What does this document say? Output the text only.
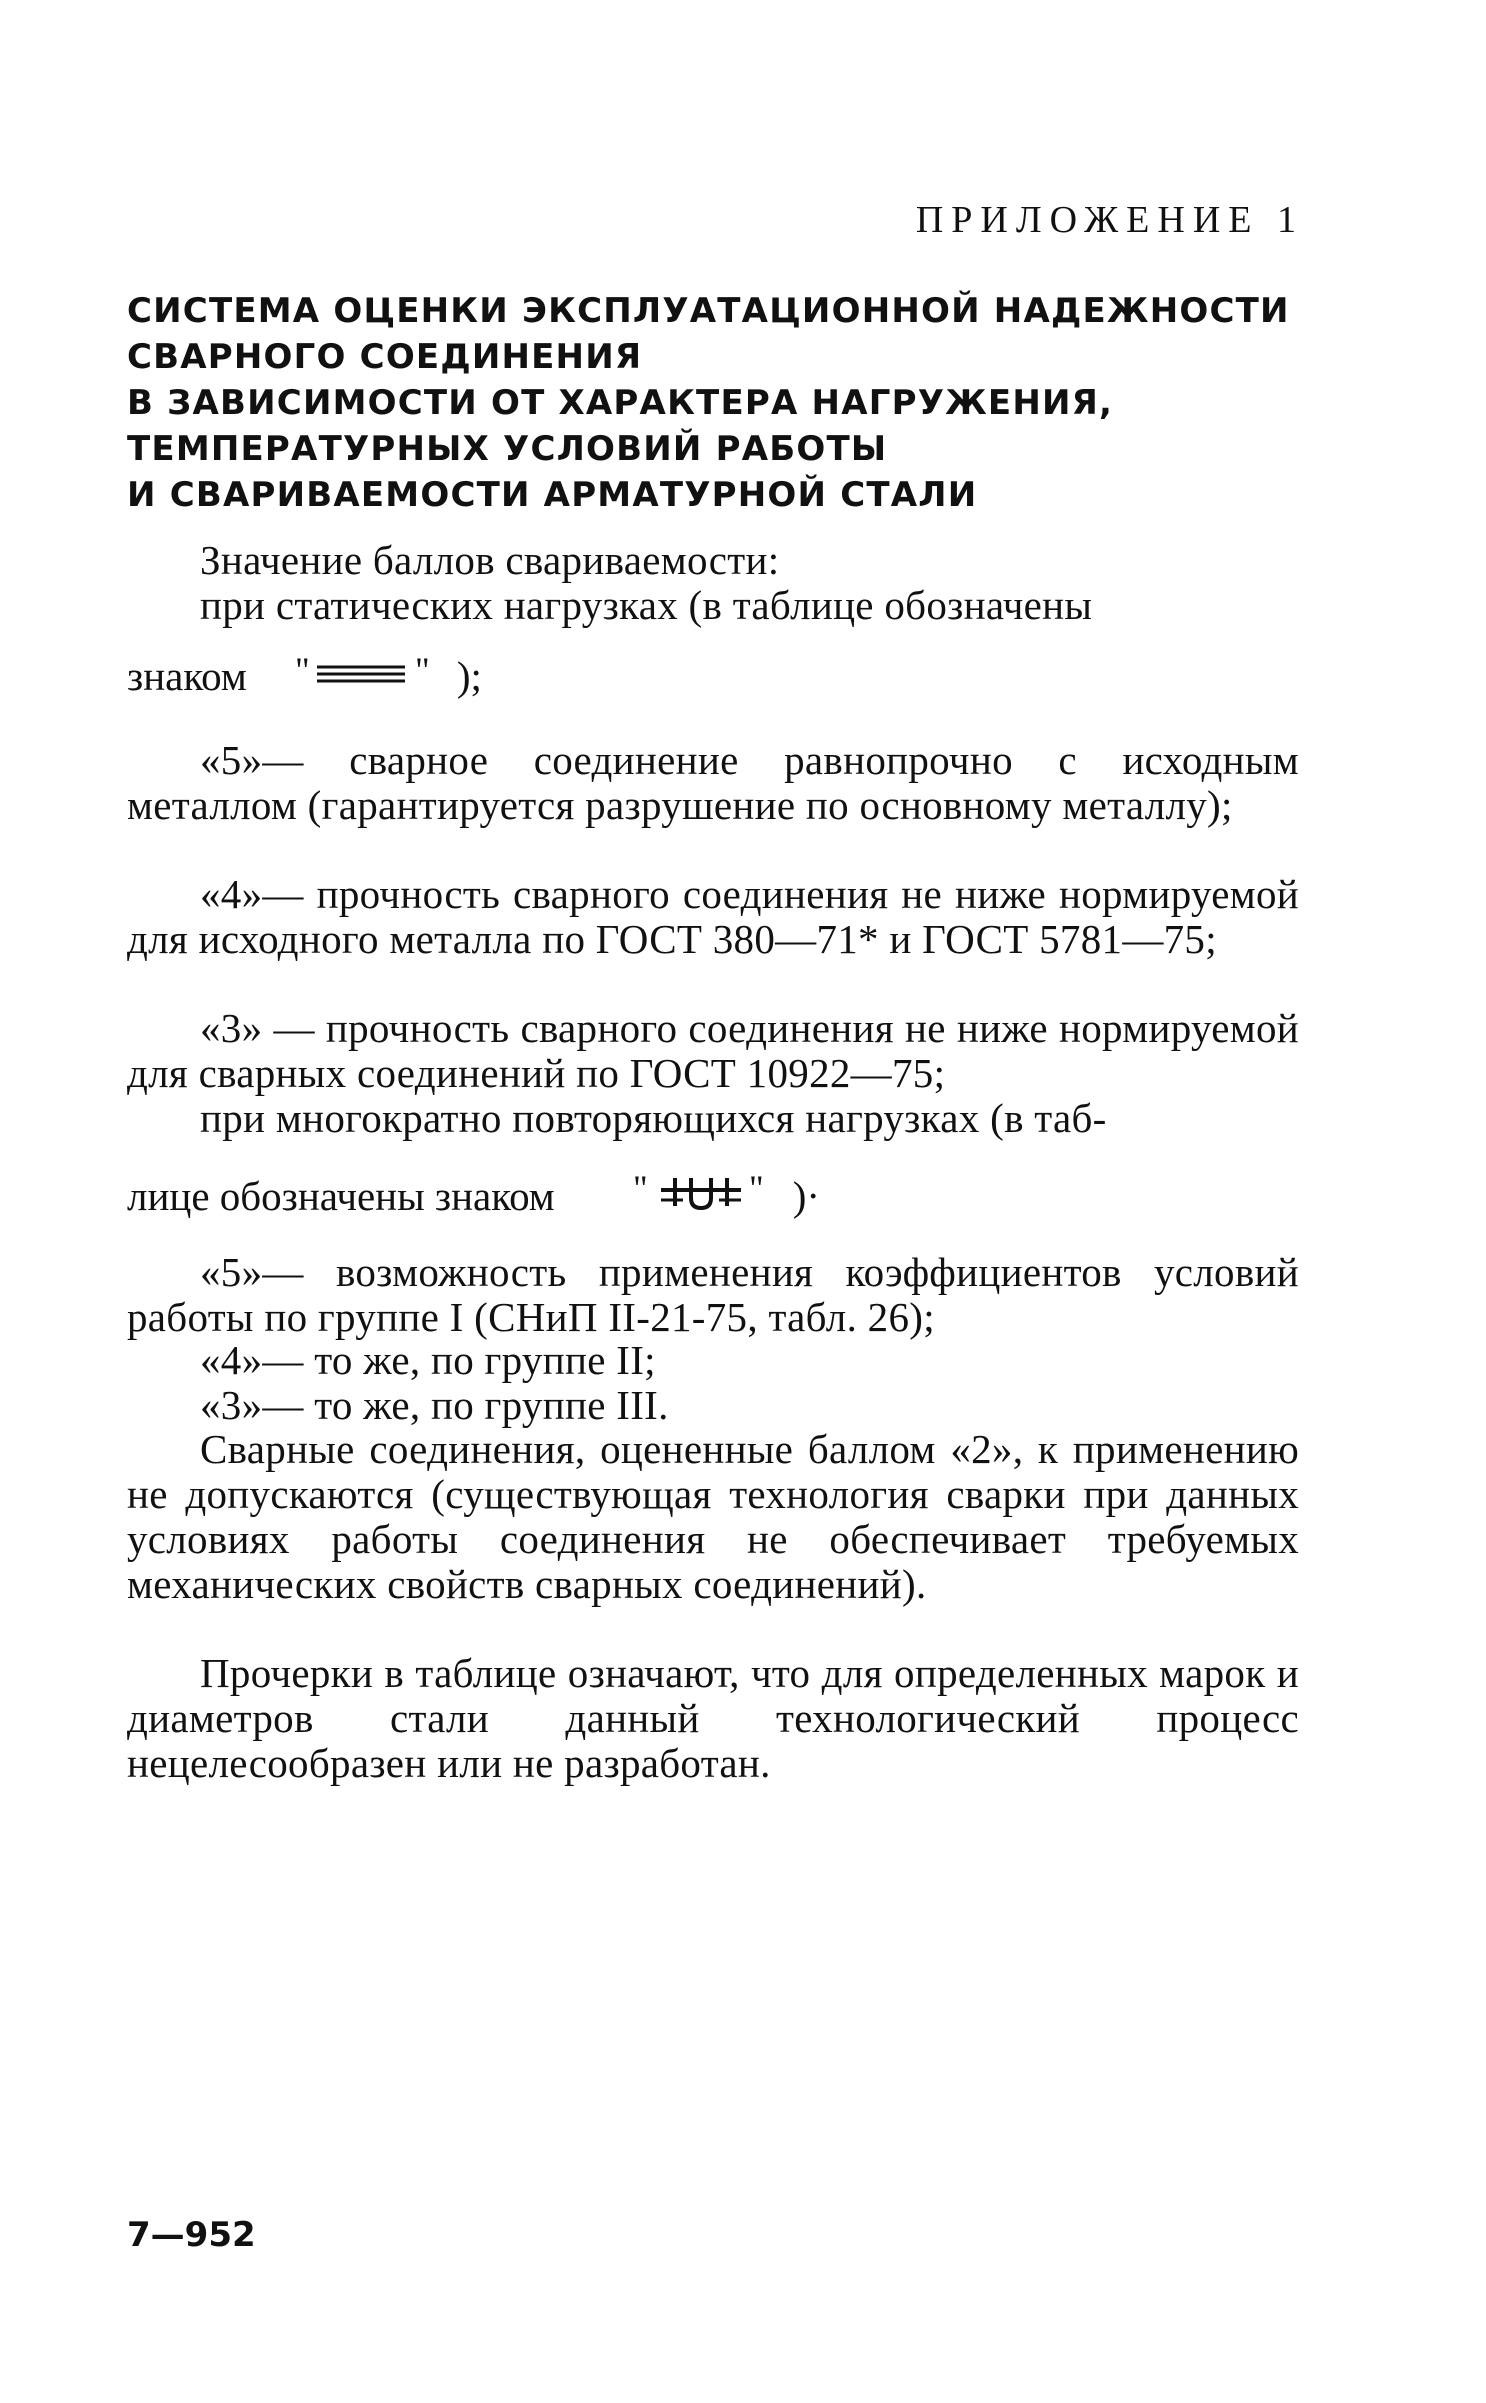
ПРИЛОЖЕНИЕ 1
СИСТЕМА ОЦЕНКИ ЭКСПЛУАТАЦИОННОЙ НАДЕЖНОСТИ
СВАРНОГО СОЕДИНЕНИЯ
В ЗАВИСИМОСТИ ОТ ХАРАКТЕРА НАГРУЖЕНИЯ,
ТЕМПЕРАТУРНЫХ УСЛОВИЙ РАБОТЫ
И СВАРИВАЕМОСТИ АРМАТУРНОЙ СТАЛИ
Значение баллов свариваемости:
при статических нагрузках (в таблице обозначены
знаком "	" );
«5»— сварное соединение равнопрочно с исходным металлом (гарантируется разрушение по основному металлу);
«4»— прочность сварного соединения не ниже нормируемой для исходного металла по ГОСТ 380—71* и ГОСТ 5781—75;
«3» — прочность сварного соединения не ниже нормируемой для сварных соединений по ГОСТ 10922—75;
при многократно повторяющихся нагрузках (в таб-
лице обозначены знаком "	" )·
«5»— возможность применения коэффициентов условий работы по группе I (СНиП II-21-75, табл. 26);
«4»— то же, по группе II;
«3»— то же, по группе III.
Сварные соединения, оцененные баллом «2», к применению не допускаются (существующая технология сварки при данных условиях работы соединения не обеспечивает требуемых механических свойств сварных соединений).
Прочерки в таблице означают, что для определенных марок и диаметров стали данный технологический процесс нецелесообразен или не разработан.
7—952
